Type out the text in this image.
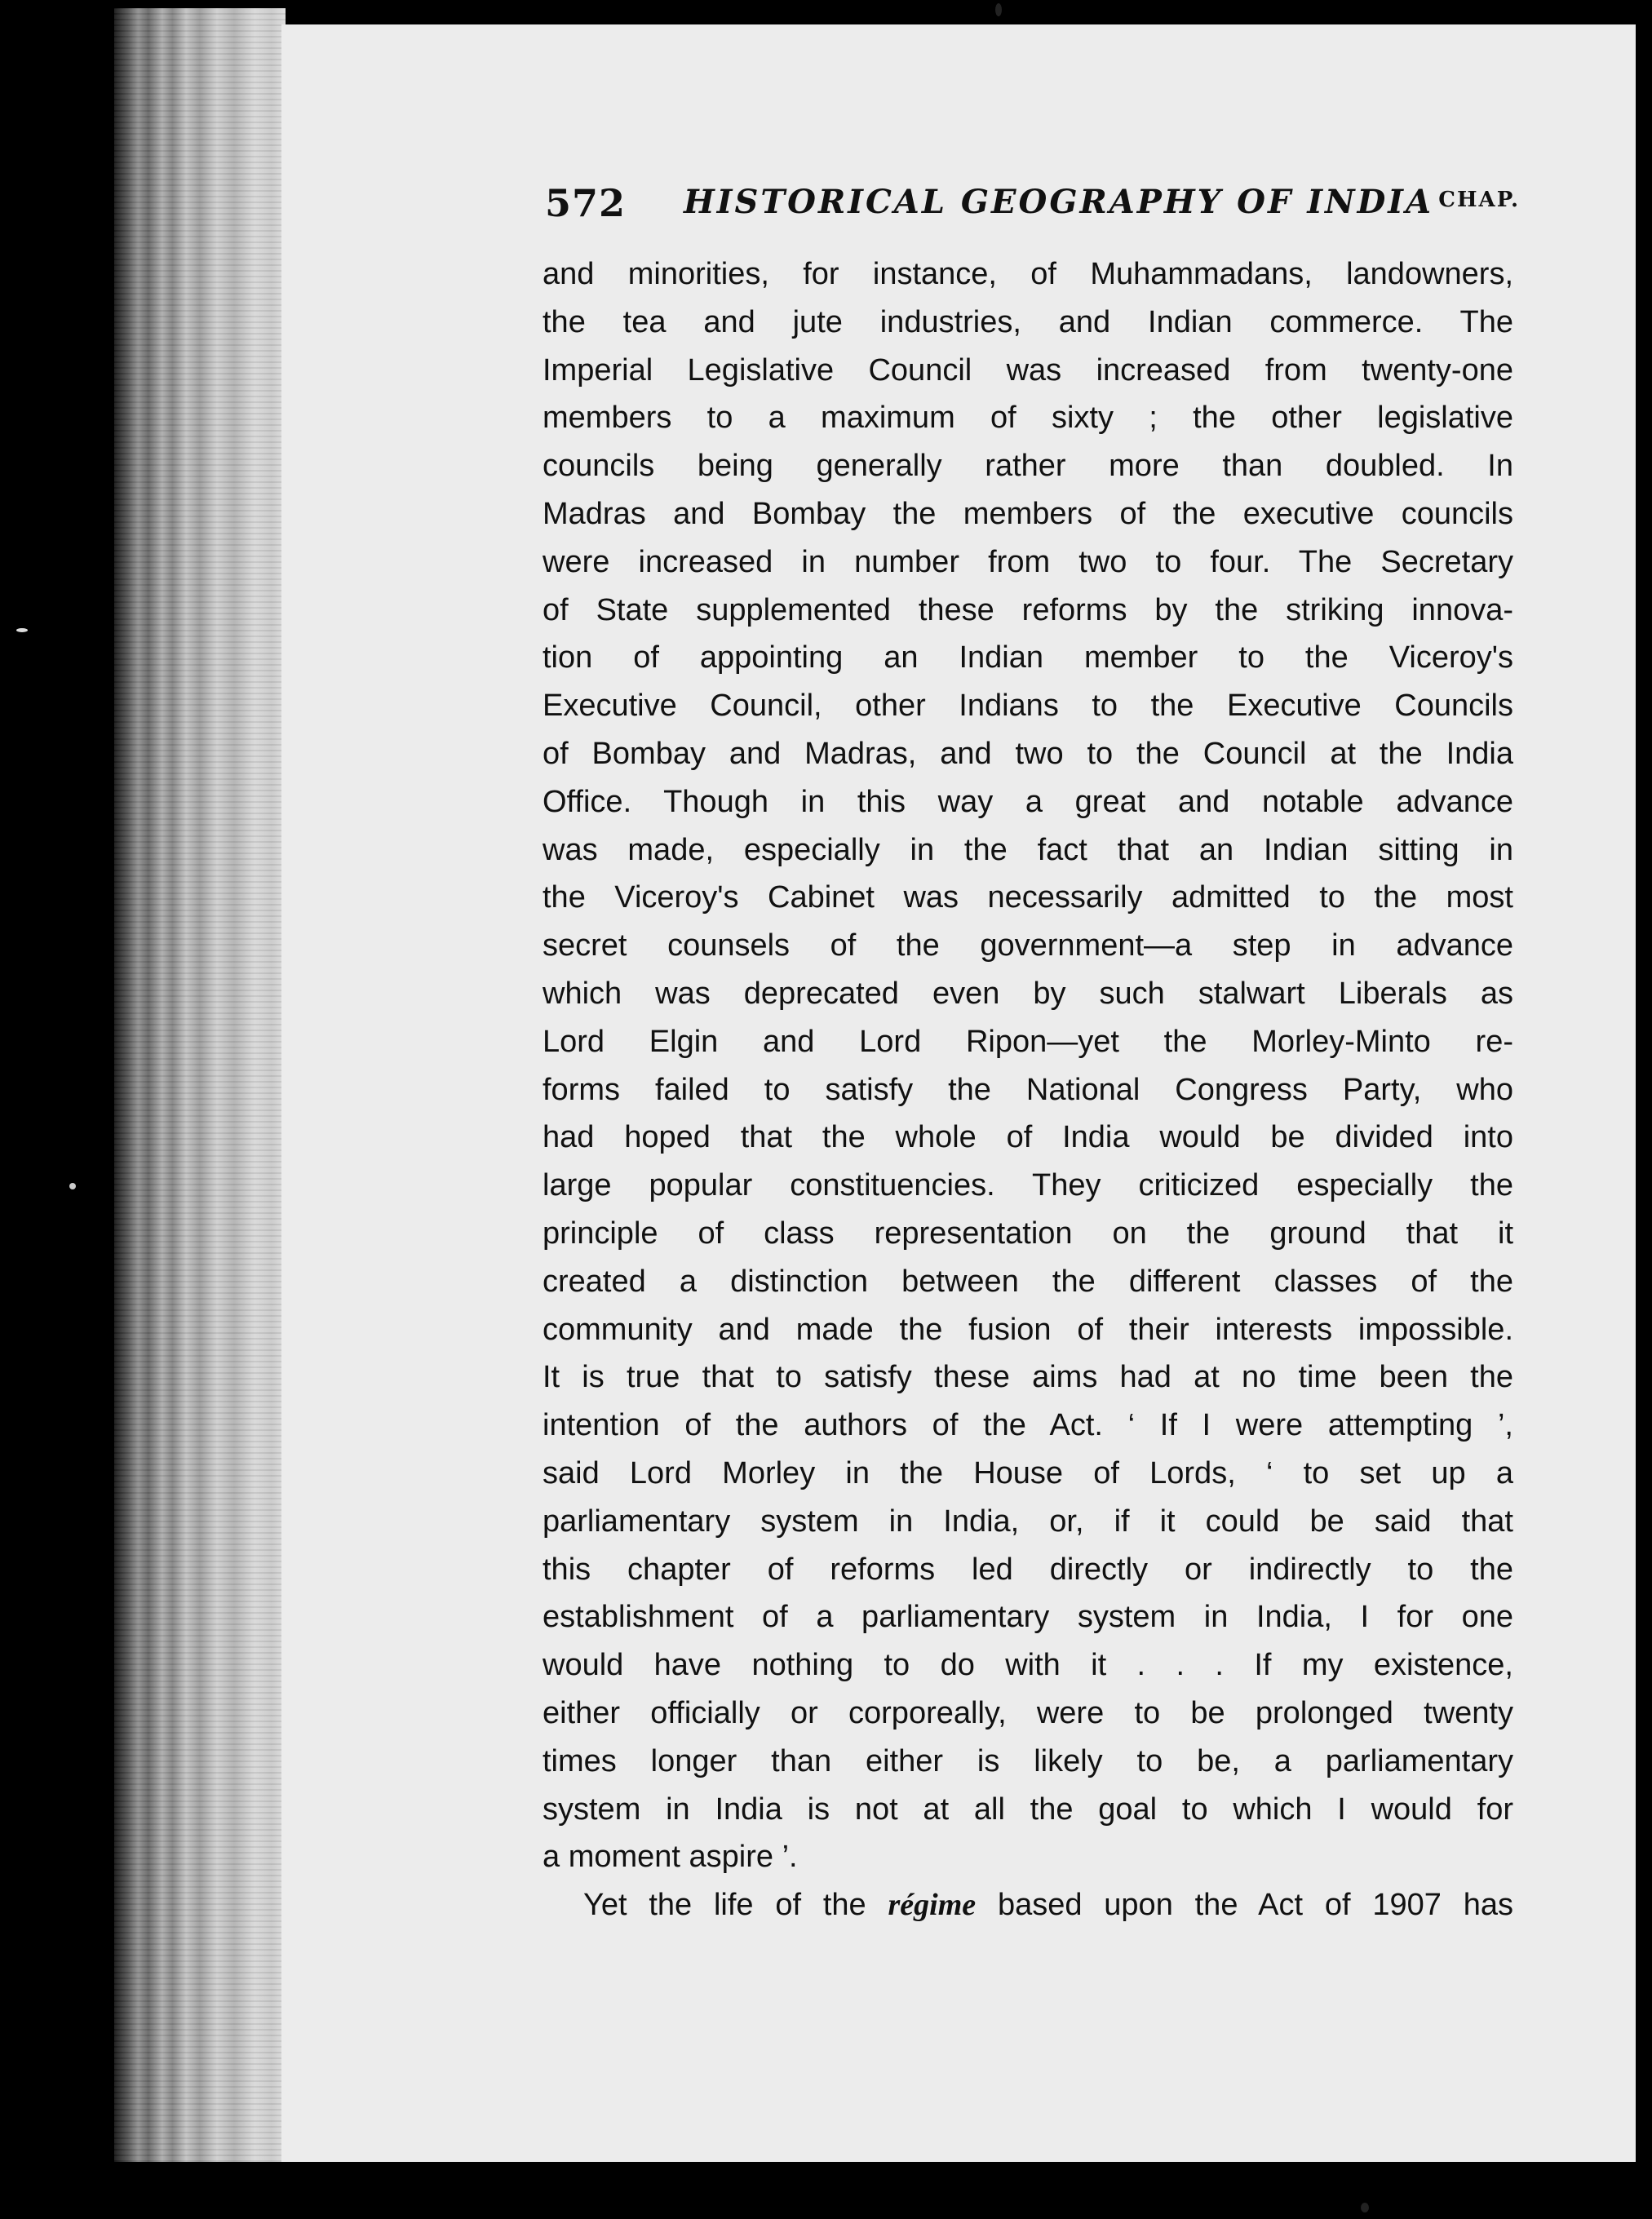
572 HISTORICAL GEOGRAPHY OF INDIA CHAP.
and minorities, for instance, of Muhammadans, landowners,
the tea and jute industries, and Indian commerce. The
Imperial Legislative Council was increased from twenty-one
members to a maximum of sixty ; the other legislative
councils being generally rather more than doubled. In
Madras and Bombay the members of the executive councils
were increased in number from two to four. The Secretary
of State supplemented these reforms by the striking innova-
tion of appointing an Indian member to the Viceroy's
Executive Council, other Indians to the Executive Councils
of Bombay and Madras, and two to the Council at the India
Office. Though in this way a great and notable advance
was made, especially in the fact that an Indian sitting in
the Viceroy's Cabinet was necessarily admitted to the most
secret counsels of the government—a step in advance
which was deprecated even by such stalwart Liberals as
Lord Elgin and Lord Ripon—yet the Morley-Minto re-
forms failed to satisfy the National Congress Party, who
had hoped that the whole of India would be divided into
large popular constituencies. They criticized especially the
principle of class representation on the ground that it
created a distinction between the different classes of the
community and made the fusion of their interests impossible.
It is true that to satisfy these aims had at no time been the
intention of the authors of the Act. ‘ If I were attempting ’,
said Lord Morley in the House of Lords, ‘ to set up a
parliamentary system in India, or, if it could be said that
this chapter of reforms led directly or indirectly to the
establishment of a parliamentary system in India, I for one
would have nothing to do with it . . . If my existence,
either officially or corporeally, were to be prolonged twenty
times longer than either is likely to be, a parliamentary
system in India is not at all the goal to which I would for
a moment aspire ’.
Yet the life of the régime based upon the Act of 1907 has
